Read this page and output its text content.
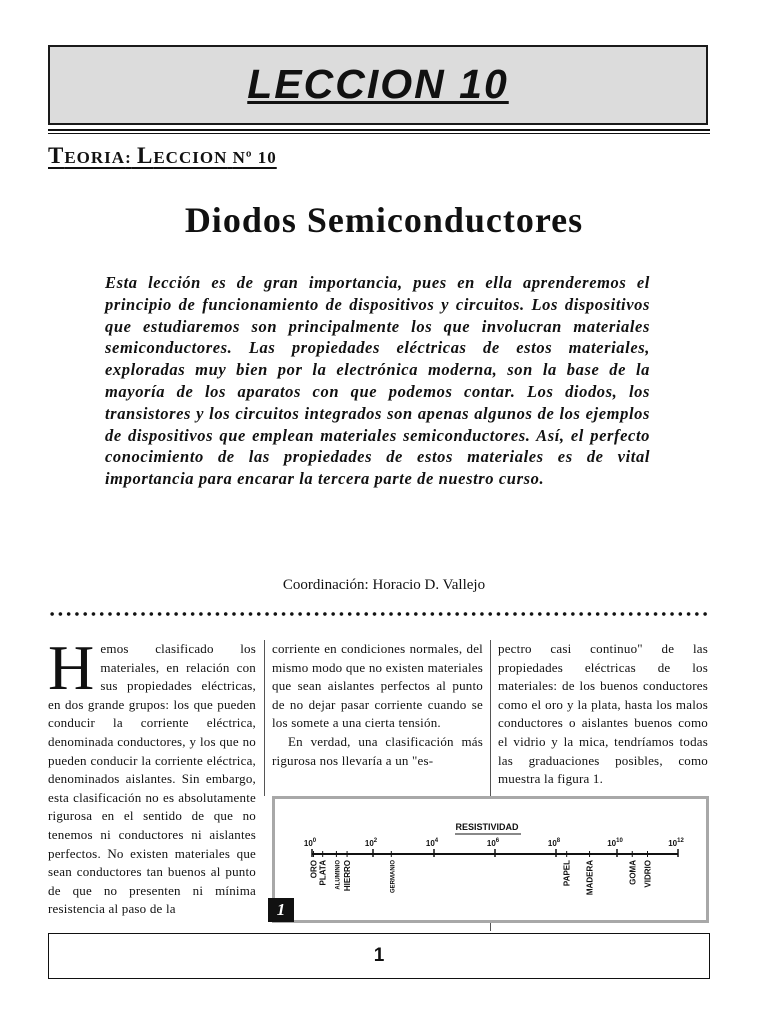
LECCION 10
TEORIA: LECCION Nº 10
Diodos Semiconductores
Esta lección es de gran importancia, pues en ella aprenderemos el principio de funcionamiento de dispositivos y circuitos. Los dispositivos que estudiaremos son principalmente los que involucran materiales semiconductores. Las propiedades eléctricas de estos materiales, exploradas muy bien por la electrónica moderna, son la base de la mayoría de los aparatos con que podemos contar. Los diodos, los transistores y los circuitos integrados son apenas algunos de los ejemplos de dispositivos que emplean materiales semiconductores. Así, el perfecto conocimiento de las propiedades de estos materiales es de vital importancia para encarar la tercera parte de nuestro curso.
Coordinación: Horacio D. Vallejo
Hemos clasificado los materiales, en relación con sus propiedades eléctricas, en dos grande grupos: los que pueden conducir la corriente eléctrica, denominada conductores, y los que no pueden conducir la corriente eléctrica, denominados aislantes. Sin embargo, esta clasificación no es absolutamente rigurosa en el sentido de que no tenemos ni conductores ni aislantes perfectos. No existen materiales que sean conductores tan buenos al punto de que no presenten ni mínima resistencia al paso de la
corriente en condiciones normales, del mismo modo que no existen materiales que sean aislantes perfectos al punto de no dejar pasar corriente cuando se los somete a una cierta tensión.
En verdad, una clasificación más rigurosa nos llevaría a un "es-
pectro casi continuo" de las propiedades eléctricas de los materiales: de los buenos conductores como el oro y la plata, hasta los malos conductores o aislantes buenos como el vidrio y la mica, tendríamos todas las graduaciones posibles, como muestra la figura 1.
RESISTIVIDAD
$10^0$	$10^2$	$10^4$	$10^6$	$10^8$	$10^{10}$	$10^{12}$
ORO PLATA ALUMINIO HIERRO	GERMANIO	PAPEL MADERA	GOMA VIDRIO
1
1
